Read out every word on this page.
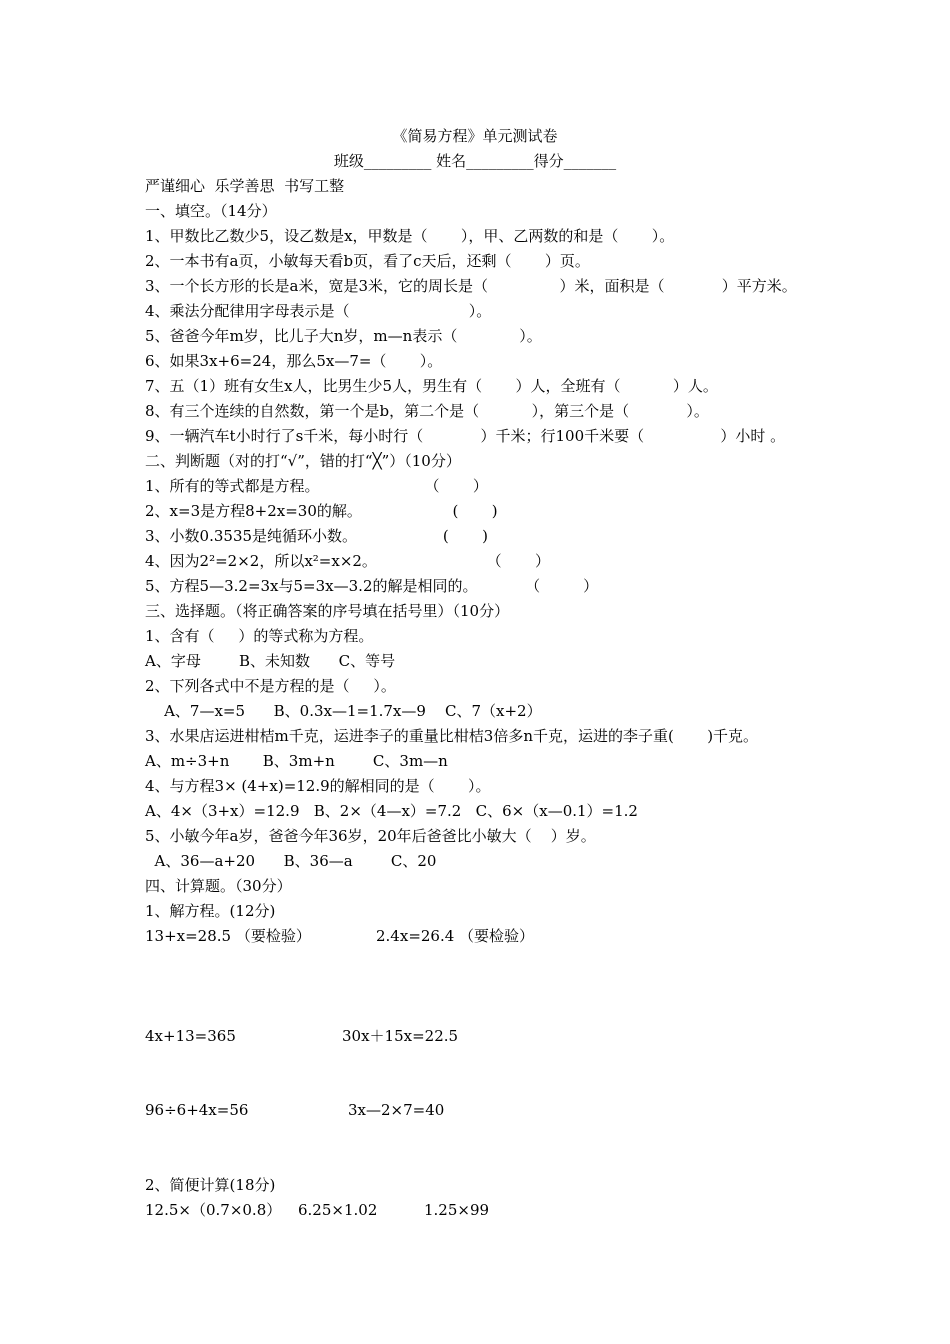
《简易方程》单元测试卷
班级_________ 姓名_________得分_______
严谨细心  乐学善思  书写工整
一、填空。（14分）
1、甲数比乙数少5，设乙数是x，甲数是（       ），甲、乙两数的和是（       ）。
2、一本书有a页，小敏每天看b页，看了c天后，还剩（       ）页。
3、一个长方形的长是a米，宽是3米，它的周长是（               ）米，面积是（            ）平方米。
4、乘法分配律用字母表示是（                         ）。
5、爸爸今年m岁，比儿子大n岁，m—n表示（             ）。
6、如果3x+6=24，那么5x—7=（       ）。
7、五（1）班有女生x人，比男生少5人，男生有（       ）人，全班有（           ）人。
8、有三个连续的自然数，第一个是b，第二个是（           ），第三个是（            ）。
9、一辆汽车t小时行了s千米，每小时行（            ）千米；行100千米要（                ）小时 。
二、判断题（对的打“√”，错的打“╳”）（10分）
1、所有的等式都是方程。                      （       ）
2、x=3是方程8+2x=30的解。                   (       )
3、小数0.3535是纯循环小数。                  (       )
4、因为2²=2×2，所以x²=x×2。                       （       ）
5、方程5—3.2=3x与5=3x—3.2的解是相同的。          （         ）
三、选择题。（将正确答案的序号填在括号里）（10分）
1、含有（     ）的等式称为方程。
A、字母        B、未知数      C、等号
2、下列各式中不是方程的是（     ）。
A、7—x=5      B、0.3x—1=1.7x—9    C、7（x+2）
3、水果店运进柑桔m千克，运进李子的重量比柑桔3倍多n千克，运进的李子重(       )千克。
A、m÷3+n       B、3m+n        C、3m—n
4、与方程3× (4+x)=12.9的解相同的是（       ）。
A、4×（3+x）=12.9   B、2×（4—x）=7.2   C、6×（x—0.1）=1.2
5、小敏今年a岁，爸爸今年36岁，20年后爸爸比小敏大（    ）岁。
A、36—a+20      B、36—a        C、20
四、计算题。（30分）
1、解方程。(12分)
13+x=28.5 （要检验）	2.4x=26.4 （要检验）
4x+13=365	30x＋15x=22.5
96÷6+4x=56	3x—2×7=40
2、简便计算(18分)
12.5×（0.7×0.8） 6.25×1.02	1.25×99
